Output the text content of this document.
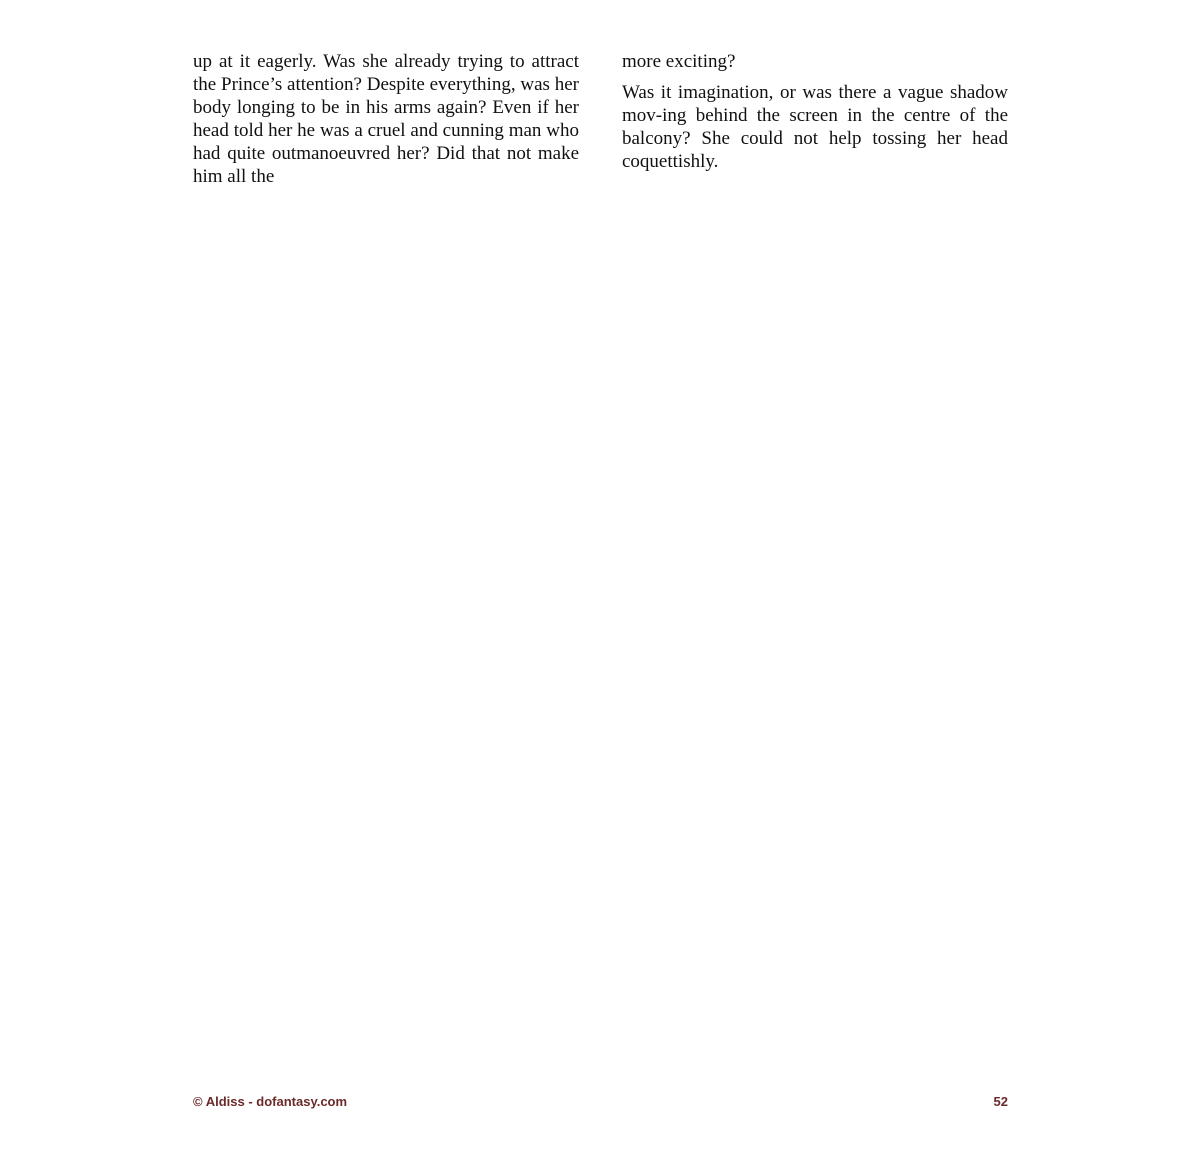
up at it eagerly. Was she already trying to attract the Prince’s attention? Despite everything, was her body longing to be in his arms again? Even if her head told her he was a cruel and cunning man who had quite outmanoeuvred her? Did that not make him all the

more exciting?

Was it imagination, or was there a vague shadow mov-ing behind the screen in the centre of the balcony? She could not help tossing her head coquettishly.

© Aldiss - dofantasy.com	52
